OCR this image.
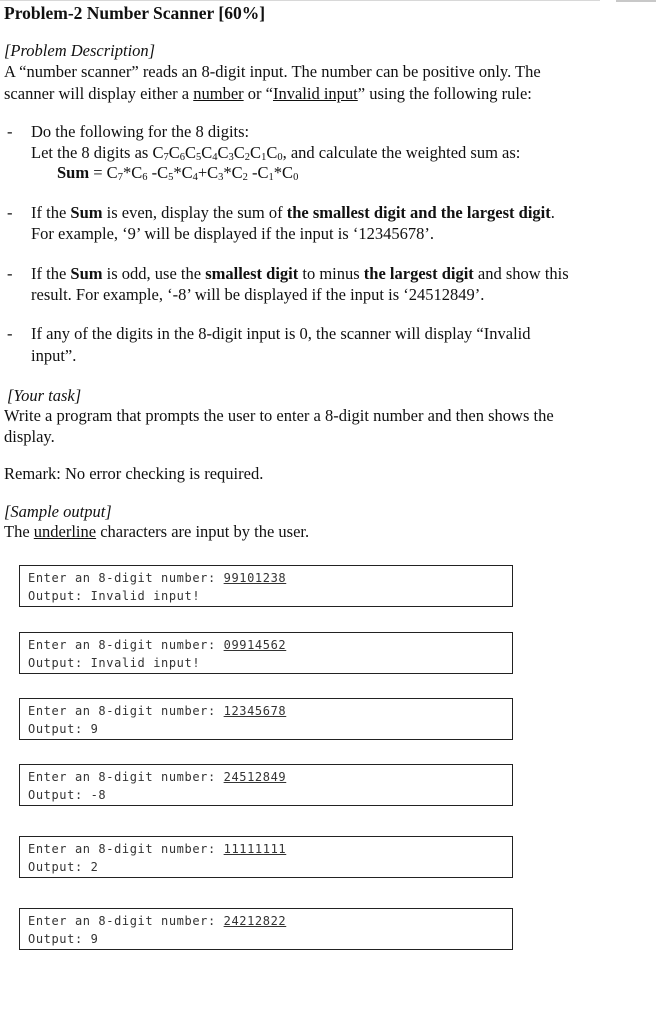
Problem-2 Number Scanner [60%]
[Problem Description]
A “number scanner” reads an 8-digit input. The number can be positive only. The
scanner will display either a number or “Invalid input” using the following rule:
- Do the following for the 8 digits:
Let the 8 digits as $C_7C_6C_5C_4C_3C_2C_1C_0$, and calculate the weighted sum as:
Sum = $C_7*C_6$ $-C_5*C_4+C_3*C_2$ $-C_1*C_0$
- If the Sum is even, display the sum of the smallest digit and the largest digit.
For example, ‘9’ will be displayed if the input is ‘12345678’.
- If the Sum is odd, use the smallest digit to minus the largest digit and show this
result. For example, ‘-8’ will be displayed if the input is ‘24512849’.
- If any of the digits in the 8-digit input is 0, the scanner will display “Invalid
input”.
[Your task]
Write a program that prompts the user to enter a 8-digit number and then shows the
display.
Remark: No error checking is required.
[Sample output]
The underline characters are input by the user.
Enter an 8-digit number: 99101238
Output: Invalid input!
Enter an 8-digit number: 09914562
Output: Invalid input!
Enter an 8-digit number: 12345678
Output: 9
Enter an 8-digit number: 24512849
Output: -8
Enter an 8-digit number: 11111111
Output: 2
Enter an 8-digit number: 24212822
Output: 9
